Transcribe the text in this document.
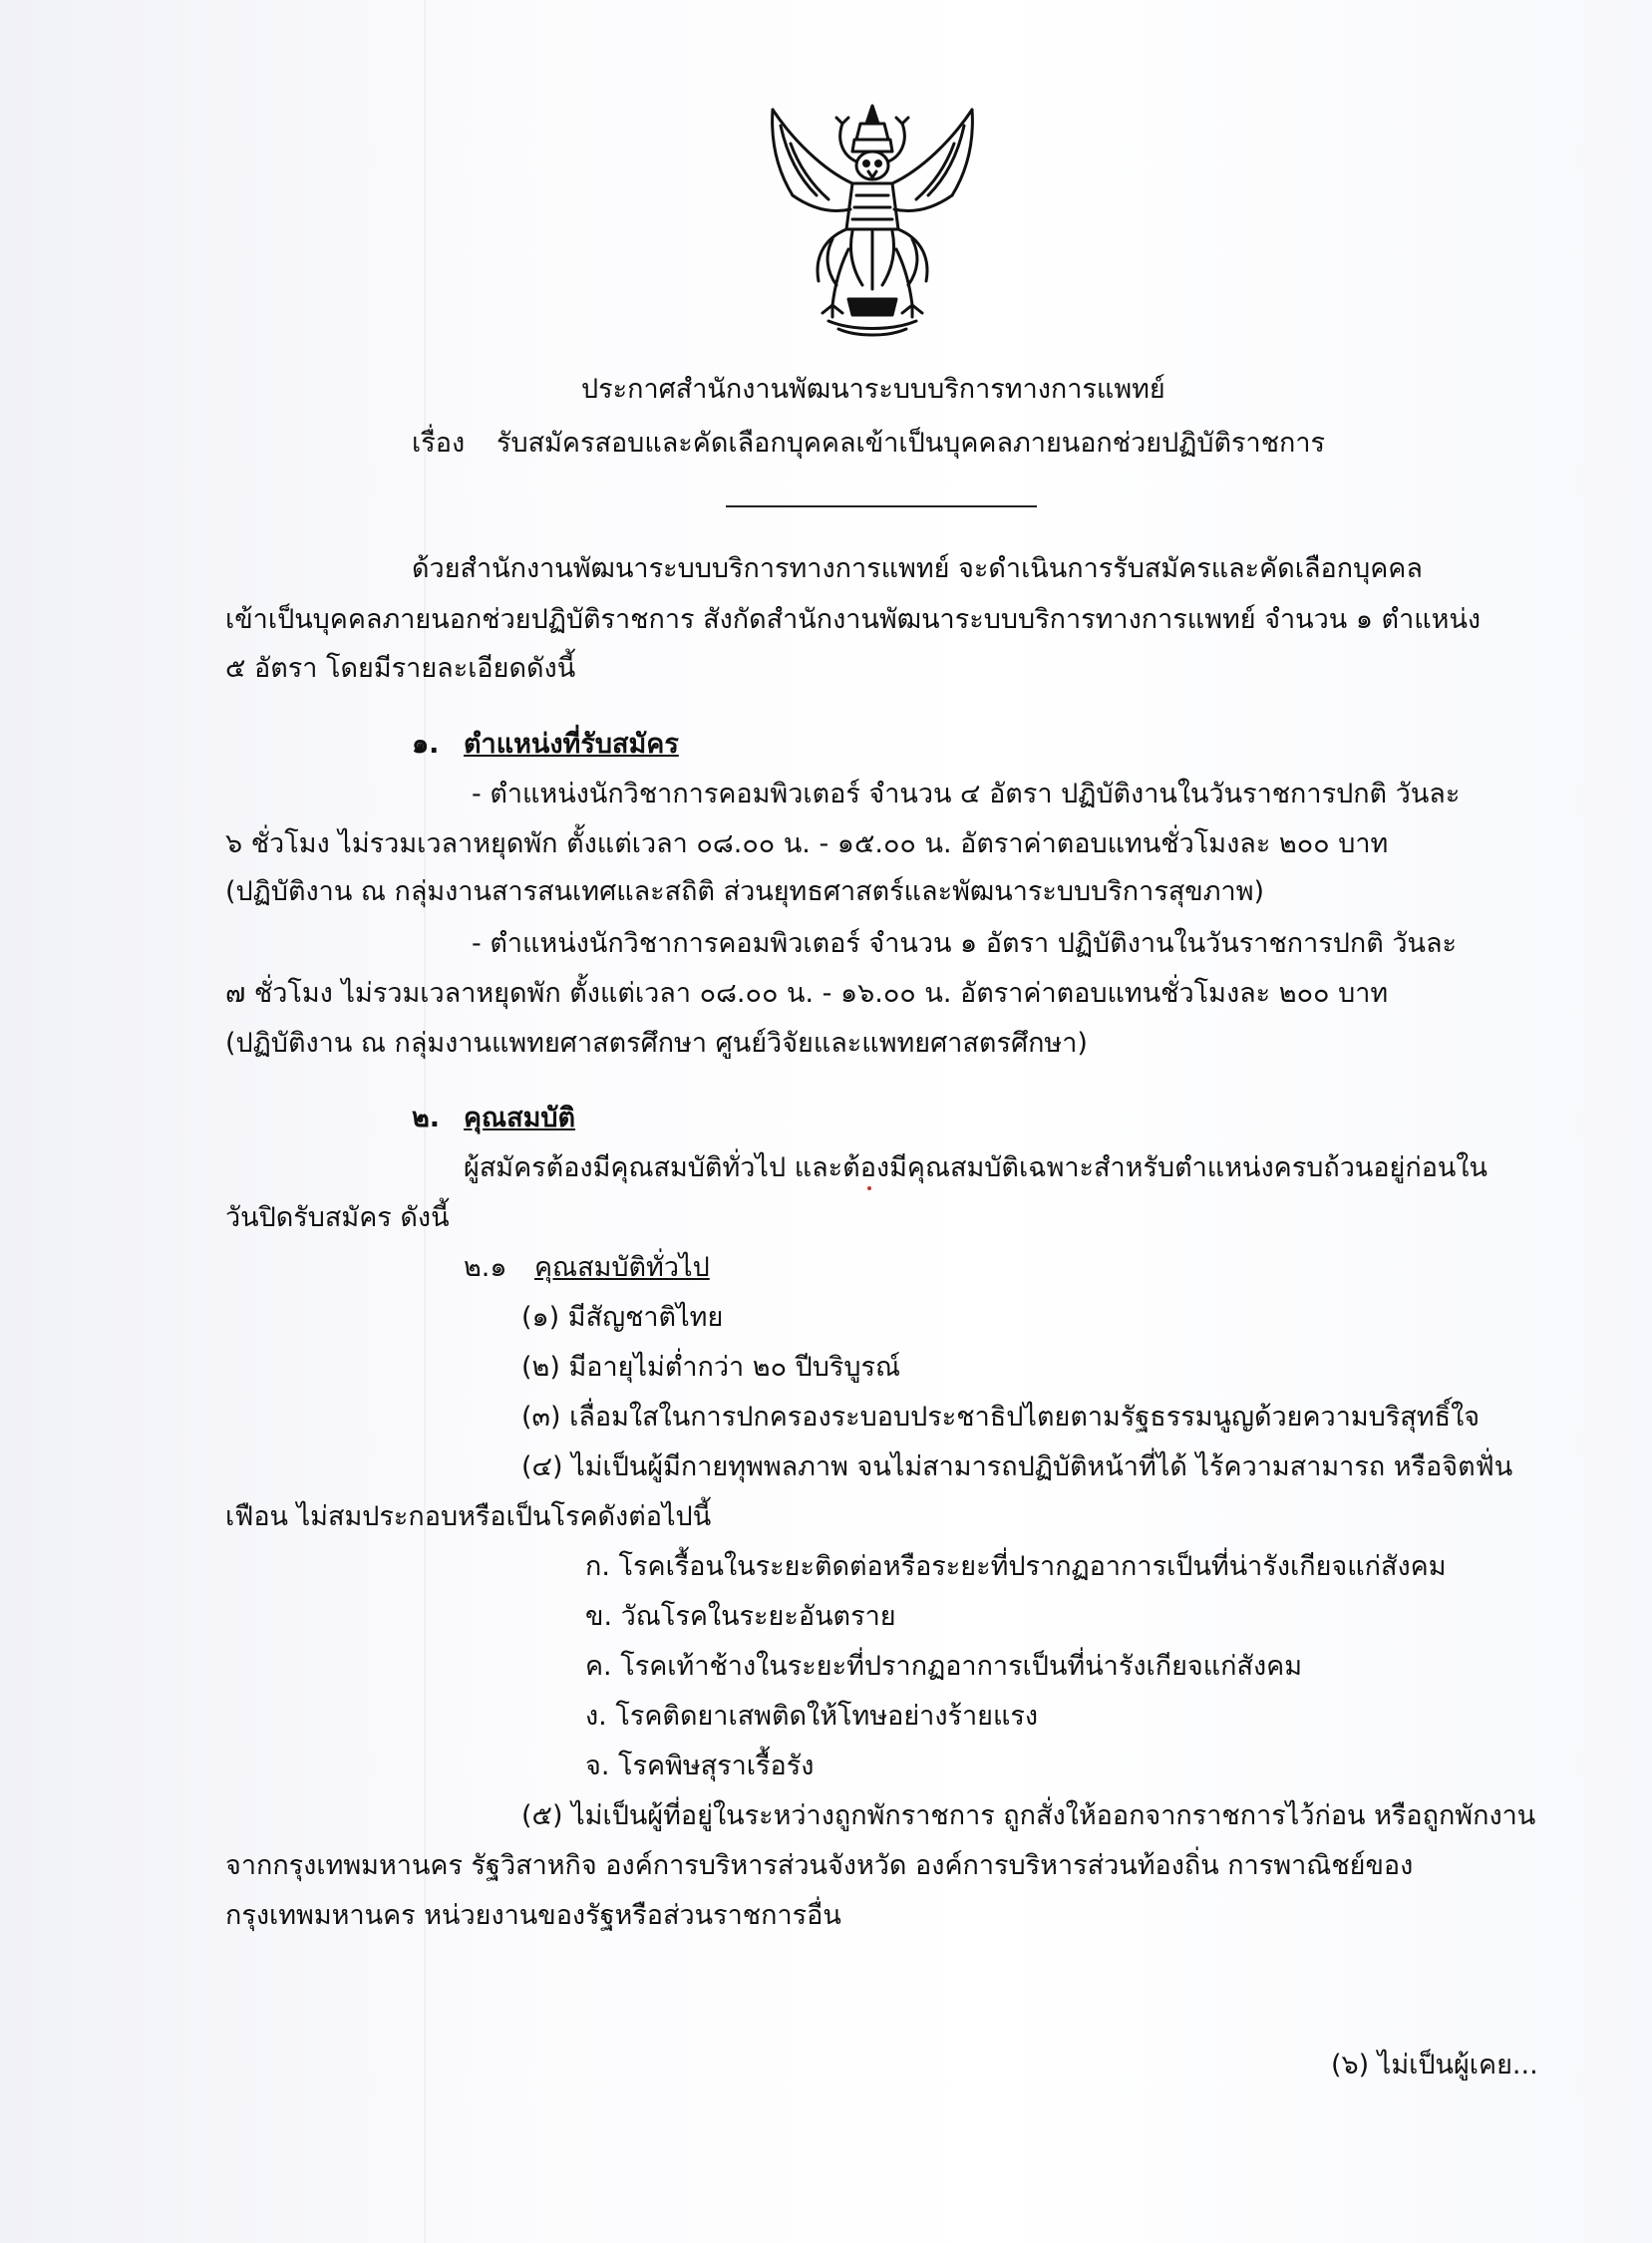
ประกาศสำนักงานพัฒนาระบบบริการทางการแพทย์
เรื่อง รับสมัครสอบและคัดเลือกบุคคลเข้าเป็นบุคคลภายนอกช่วยปฏิบัติราชการ
ด้วยสำนักงานพัฒนาระบบบริการทางการแพทย์ จะดำเนินการรับสมัครและคัดเลือกบุคคล
เข้าเป็นบุคคลภายนอกช่วยปฏิบัติราชการ สังกัดสำนักงานพัฒนาระบบบริการทางการแพทย์ จำนวน ๑ ตำแหน่ง
๕ อัตรา โดยมีรายละเอียดดังนี้
๑. ตำแหน่งที่รับสมัคร
- ตำแหน่งนักวิชาการคอมพิวเตอร์ จำนวน ๔ อัตรา ปฏิบัติงานในวันราชการปกติ วันละ
๖ ชั่วโมง ไม่รวมเวลาหยุดพัก ตั้งแต่เวลา ๐๘.๐๐ น. - ๑๕.๐๐ น. อัตราค่าตอบแทนชั่วโมงละ ๒๐๐ บาท
(ปฏิบัติงาน ณ กลุ่มงานสารสนเทศและสถิติ ส่วนยุทธศาสตร์และพัฒนาระบบบริการสุขภาพ)
- ตำแหน่งนักวิชาการคอมพิวเตอร์ จำนวน ๑ อัตรา ปฏิบัติงานในวันราชการปกติ วันละ
๗ ชั่วโมง ไม่รวมเวลาหยุดพัก ตั้งแต่เวลา ๐๘.๐๐ น. - ๑๖.๐๐ น. อัตราค่าตอบแทนชั่วโมงละ ๒๐๐ บาท
(ปฏิบัติงาน ณ กลุ่มงานแพทยศาสตรศึกษา ศูนย์วิจัยและแพทยศาสตรศึกษา)
๒. คุณสมบัติ
ผู้สมัครต้องมีคุณสมบัติทั่วไป และต้องมีคุณสมบัติเฉพาะสำหรับตำแหน่งครบถ้วนอยู่ก่อนใน
วันปิดรับสมัคร ดังนี้
๒.๑ คุณสมบัติทั่วไป
(๑) มีสัญชาติไทย
(๒) มีอายุไม่ต่ำกว่า ๒๐ ปีบริบูรณ์
(๓) เลื่อมใสในการปกครองระบอบประชาธิปไตยตามรัฐธรรมนูญด้วยความบริสุทธิ์ใจ
(๔) ไม่เป็นผู้มีกายทุพพลภาพ จนไม่สามารถปฏิบัติหน้าที่ได้ ไร้ความสามารถ หรือจิตฟั่น
เฟือน ไม่สมประกอบหรือเป็นโรคดังต่อไปนี้
ก. โรคเรื้อนในระยะติดต่อหรือระยะที่ปรากฏอาการเป็นที่น่ารังเกียจแก่สังคม
ข. วัณโรคในระยะอันตราย
ค. โรคเท้าช้างในระยะที่ปรากฏอาการเป็นที่น่ารังเกียจแก่สังคม
ง. โรคติดยาเสพติดให้โทษอย่างร้ายแรง
จ. โรคพิษสุราเรื้อรัง
(๕) ไม่เป็นผู้ที่อยู่ในระหว่างถูกพักราชการ ถูกสั่งให้ออกจากราชการไว้ก่อน หรือถูกพักงาน
จากกรุงเทพมหานคร รัฐวิสาหกิจ องค์การบริหารส่วนจังหวัด องค์การบริหารส่วนท้องถิ่น การพาณิชย์ของ
กรุงเทพมหานคร หน่วยงานของรัฐหรือส่วนราชการอื่น
(๖) ไม่เป็นผู้เคย...
